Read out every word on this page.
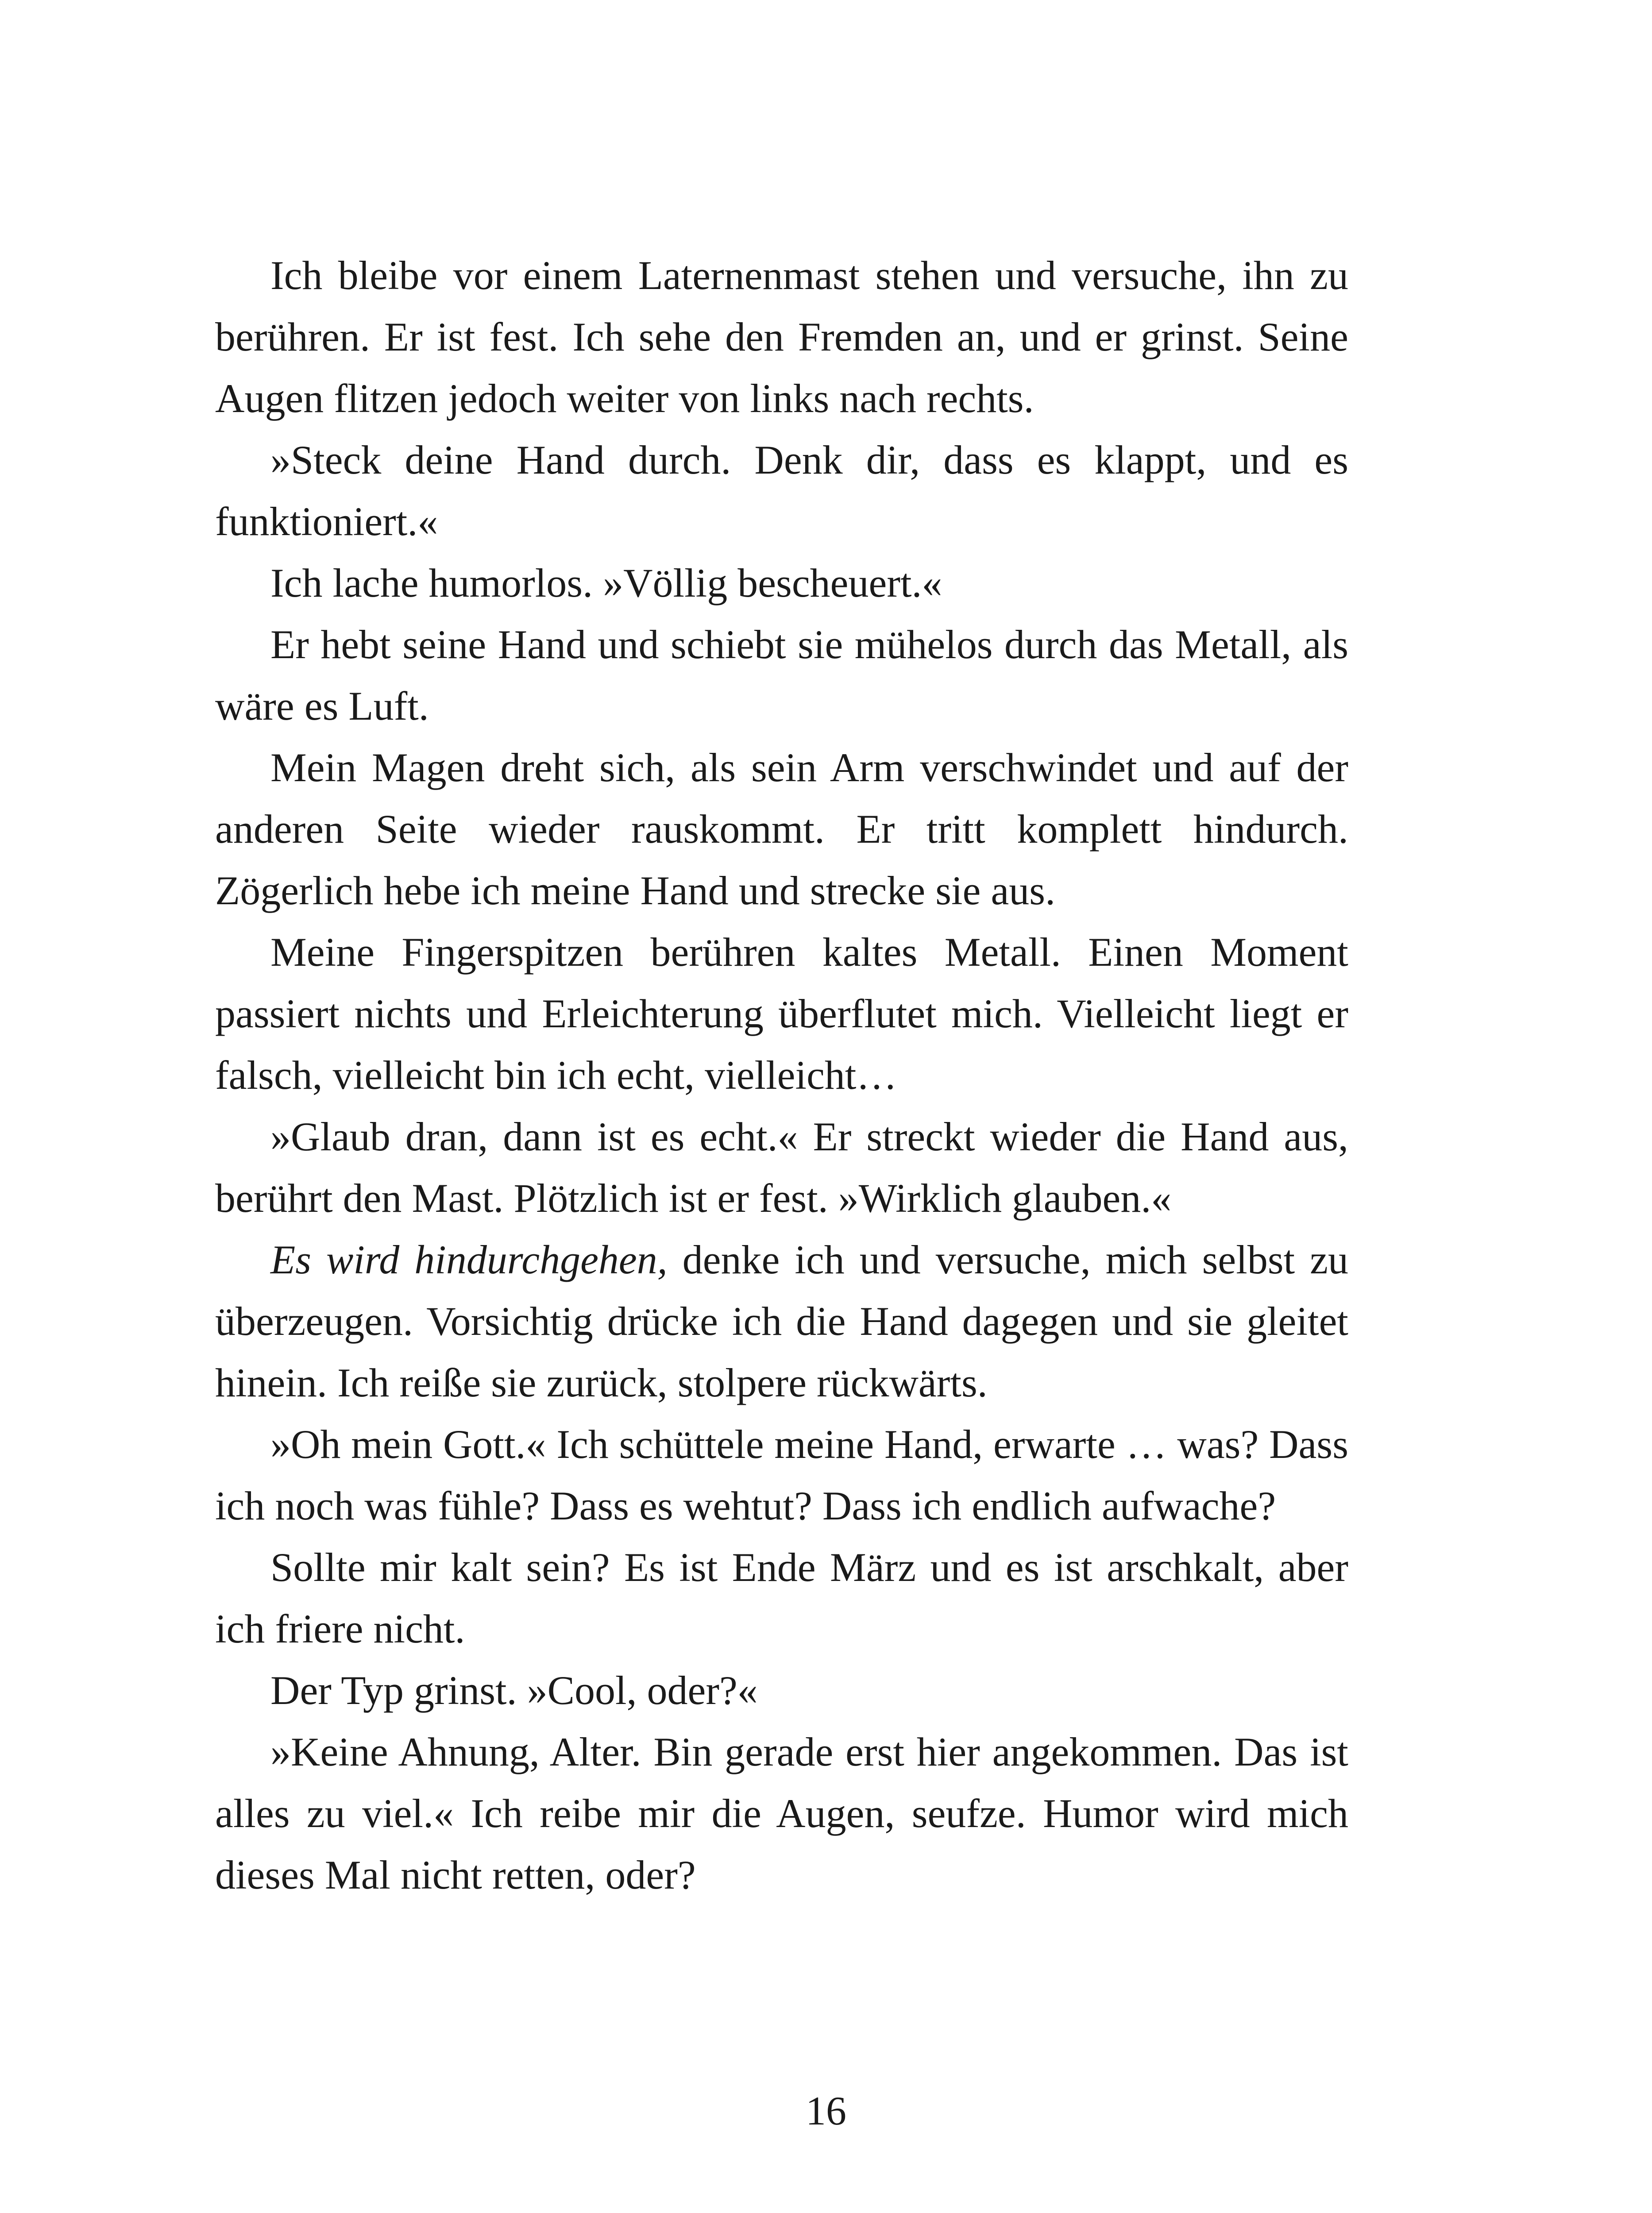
Ich bleibe vor einem Laternenmast stehen und versuche, ihn zu berühren. Er ist fest. Ich sehe den Fremden an, und er grinst. Seine Augen flitzen jedoch weiter von links nach rechts.

»Steck deine Hand durch. Denk dir, dass es klappt, und es funktioniert.«

Ich lache humorlos. »Völlig bescheuert.«

Er hebt seine Hand und schiebt sie mühelos durch das Metall, als wäre es Luft.

Mein Magen dreht sich, als sein Arm verschwindet und auf der anderen Seite wieder rauskommt. Er tritt komplett hindurch. Zögerlich hebe ich meine Hand und strecke sie aus.

Meine Fingerspitzen berühren kaltes Metall. Einen Moment passiert nichts und Erleichterung überflutet mich. Vielleicht liegt er falsch, vielleicht bin ich echt, vielleicht…

»Glaub dran, dann ist es echt.« Er streckt wieder die Hand aus, berührt den Mast. Plötzlich ist er fest. »Wirklich glauben.«

Es wird hindurchgehen, denke ich und versuche, mich selbst zu überzeugen. Vorsichtig drücke ich die Hand dagegen und sie gleitet hinein. Ich reiße sie zurück, stolpere rückwärts.

»Oh mein Gott.« Ich schüttele meine Hand, erwarte … was? Dass ich noch was fühle? Dass es wehtut? Dass ich endlich aufwache?

Sollte mir kalt sein? Es ist Ende März und es ist arschkalt, aber ich friere nicht.

Der Typ grinst. »Cool, oder?«

»Keine Ahnung, Alter. Bin gerade erst hier angekommen. Das ist alles zu viel.« Ich reibe mir die Augen, seufze. Humor wird mich dieses Mal nicht retten, oder?

16
